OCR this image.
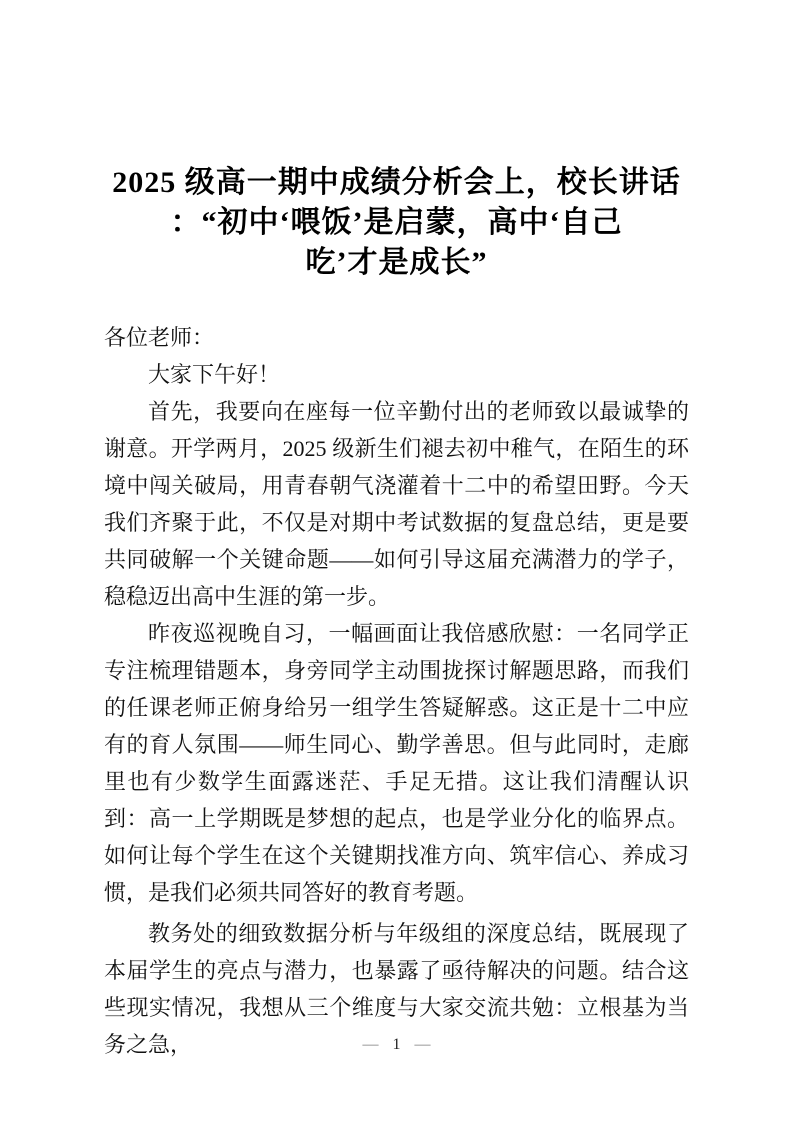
2025 级高一期中成绩分析会上，校长讲话
：“初中‘喂饭’是启蒙，高中‘自己
吃’才是成长”

各位老师：

大家下午好！

首先，我要向在座每一位辛勤付出的老师致以最诚挚的谢意。开学两月，2025 级新生们褪去初中稚气，在陌生的环境中闯关破局，用青春朝气浇灌着十二中的希望田野。今天我们齐聚于此，不仅是对期中考试数据的复盘总结，更是要共同破解一个关键命题——如何引导这届充满潜力的学子，稳稳迈出高中生涯的第一步。

昨夜巡视晚自习，一幅画面让我倍感欣慰：一名同学正专注梳理错题本，身旁同学主动围拢探讨解题思路，而我们的任课老师正俯身给另一组学生答疑解惑。这正是十二中应有的育人氛围——师生同心、勤学善思。但与此同时，走廊里也有少数学生面露迷茫、手足无措。这让我们清醒认识到：高一上学期既是梦想的起点，也是学业分化的临界点。如何让每个学生在这个关键期找准方向、筑牢信心、养成习惯，是我们必须共同答好的教育考题。

教务处的细致数据分析与年级组的深度总结，既展现了本届学生的亮点与潜力，也暴露了亟待解决的问题。结合这些现实情况，我想从三个维度与大家交流共勉：立根基为当务之急，	— 1 —
